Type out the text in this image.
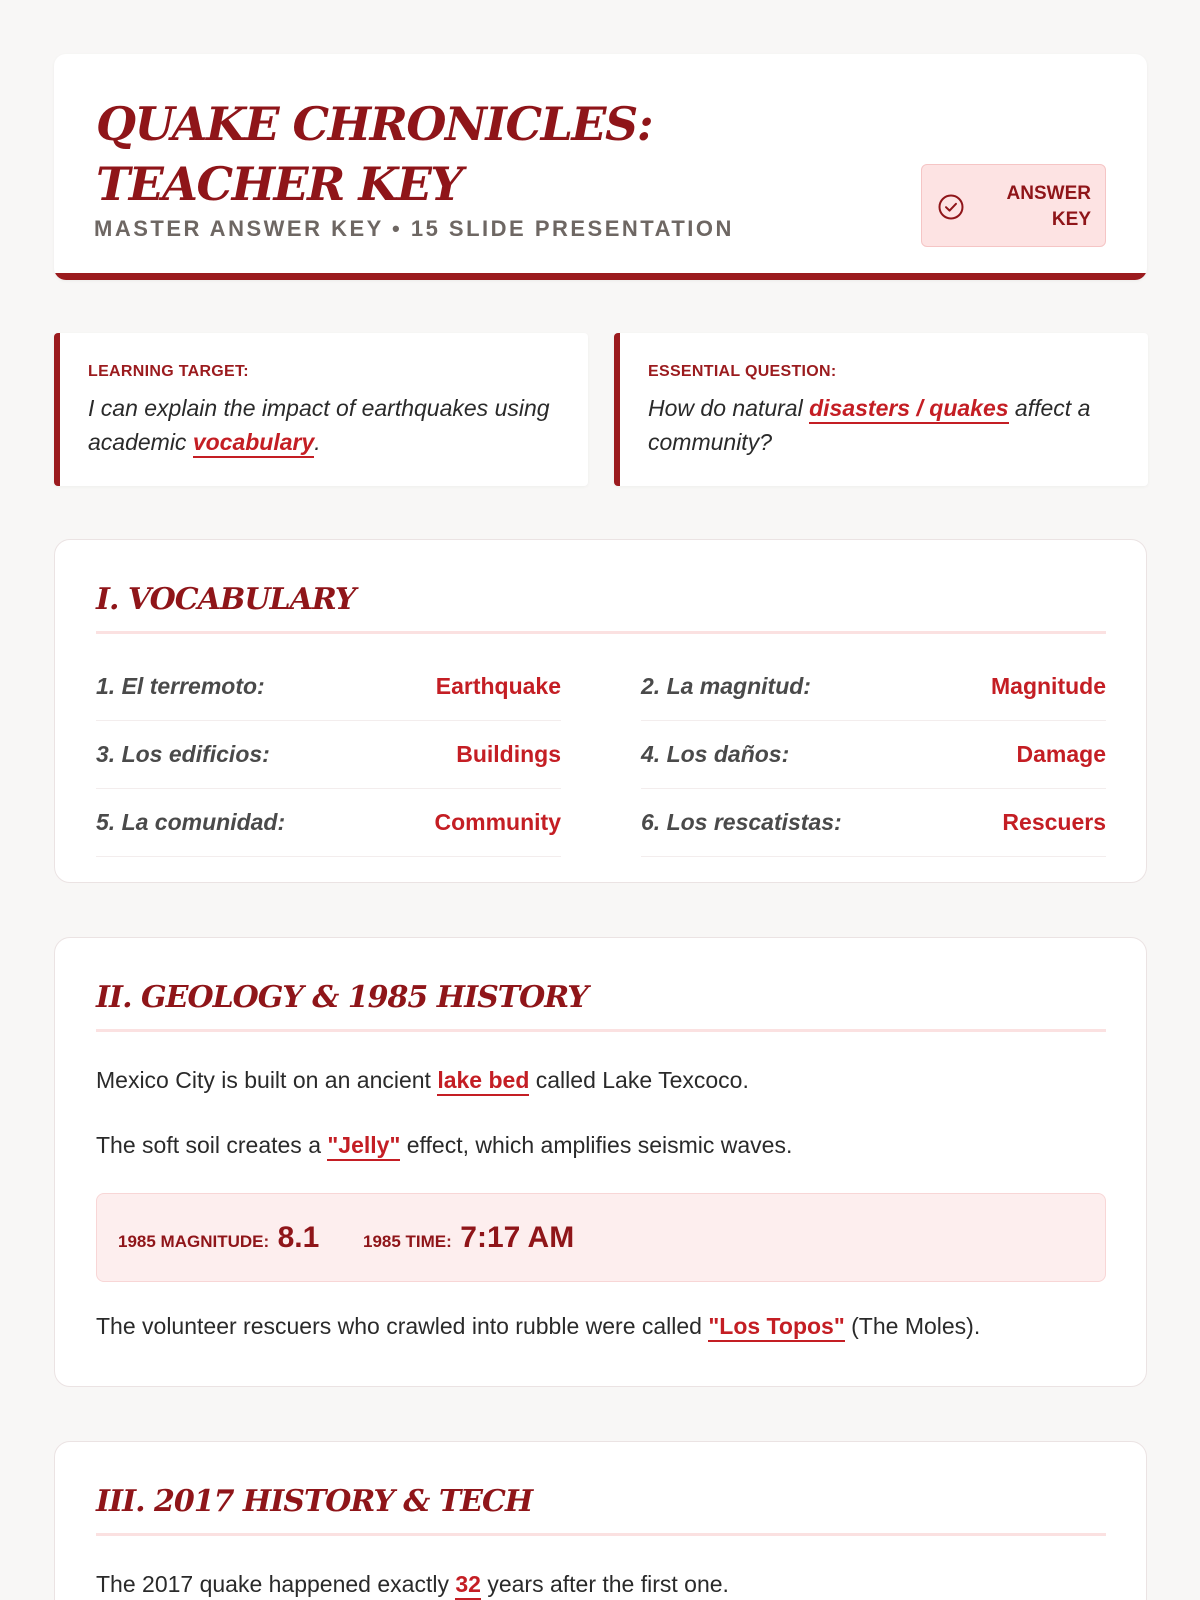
QUAKE CHRONICLES: TEACHER KEY
MASTER ANSWER KEY • 15 SLIDE PRESENTATION
ANSWER KEY
LEARNING TARGET:
I can explain the impact of earthquakes using academic vocabulary.
ESSENTIAL QUESTION:
How do natural disasters / quakes affect a community?
I. VOCABULARY
1. El terremoto:	Earthquake	2. La magnitud:	Magnitude
3. Los edificios:	Buildings	4. Los daños:	Damage
5. La comunidad:	Community	6. Los rescatistas:	Rescuers
II. GEOLOGY & 1985 HISTORY

Mexico City is built on an ancient lake bed called Lake Texcoco.

The soft soil creates a "Jelly" effect, which amplifies seismic waves.

1985 MAGNITUDE: 8.1	1985 TIME: 7:17 AM

The volunteer rescuers who crawled into rubble were called "Los Topos" (The Moles).

III. 2017 HISTORY & TECH

The 2017 quake happened exactly 32 years after the first one.
